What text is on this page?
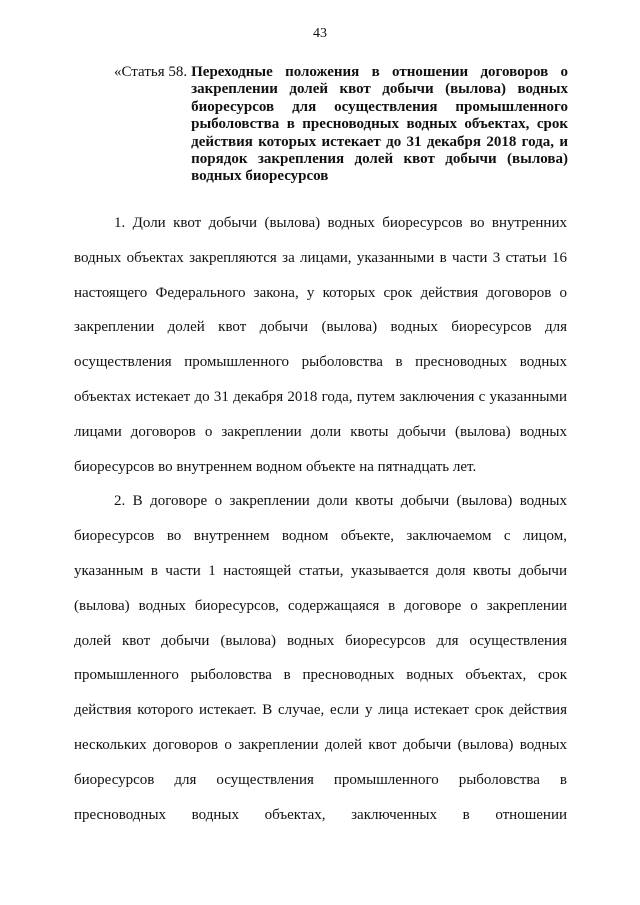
43
«Статья 58. Переходные положения в отношении договоров о закреплении долей квот добычи (вылова) водных биоресурсов для осуществления промышленного рыболовства в пресноводных водных объектах, срок действия которых истекает до 31 декабря 2018 года, и порядок закрепления долей квот добычи (вылова) водных биоресурсов

1. Доли квот добычи (вылова) водных биоресурсов во внутренних водных объектах закрепляются за лицами, указанными в части 3 статьи 16 настоящего Федерального закона, у которых срок действия договоров о закреплении долей квот добычи (вылова) водных биоресурсов для осуществления промышленного рыболовства в пресноводных водных объектах истекает до 31 декабря 2018 года, путем заключения с указанными лицами договоров о закреплении доли квоты добычи (вылова) водных биоресурсов во внутреннем водном объекте на пятнадцать лет.

2. В договоре о закреплении доли квоты добычи (вылова) водных биоресурсов во внутреннем водном объекте, заключаемом с лицом, указанным в части 1 настоящей статьи, указывается доля квоты добычи (вылова) водных биоресурсов, содержащаяся в договоре о закреплении долей квот добычи (вылова) водных биоресурсов для осуществления промышленного рыболовства в пресноводных водных объектах, срок действия которого истекает. В случае, если у лица истекает срок действия нескольких договоров о закреплении долей квот добычи (вылова) водных биоресурсов для осуществления промышленного рыболовства в пресноводных водных объектах, заключенных в отношении
